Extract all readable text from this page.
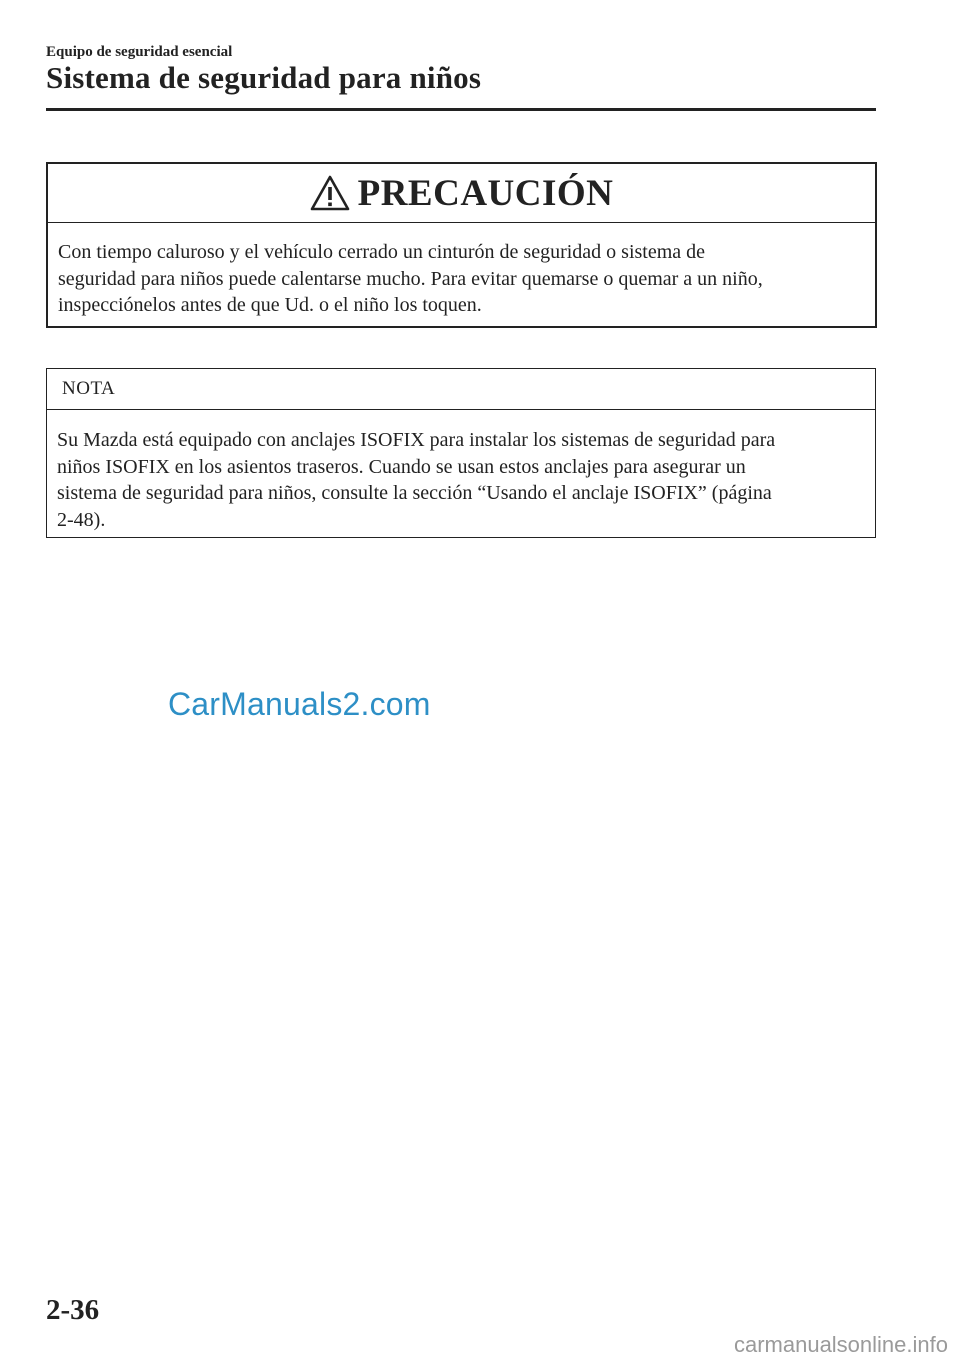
Equipo de seguridad esencial
Sistema de seguridad para niños
PRECAUCIÓN
Con tiempo caluroso y el vehículo cerrado un cinturón de seguridad o sistema de
seguridad para niños puede calentarse mucho. Para evitar quemarse o quemar a un niño,
inspecciónelos antes de que Ud. o el niño los toquen.
NOTA
Su Mazda está equipado con anclajes ISOFIX para instalar los sistemas de seguridad para
niños ISOFIX en los asientos traseros. Cuando se usan estos anclajes para asegurar un
sistema de seguridad para niños, consulte la sección “Usando el anclaje ISOFIX” (página
2-48).
CarManuals2.com
2-36
carmanualsonline.info
